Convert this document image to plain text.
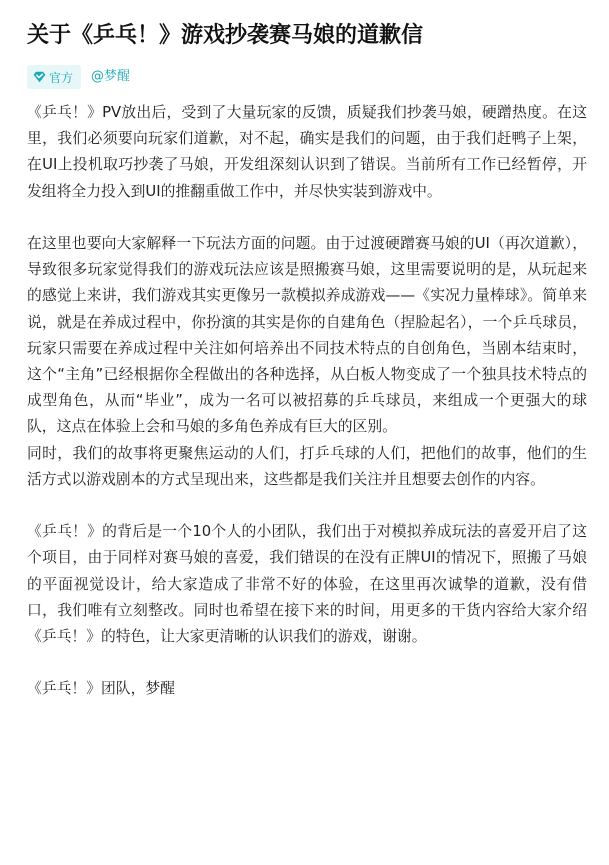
关于《乒乓！》游戏抄袭赛马娘的道歉信
官方 @梦醒

《乒乓！》PV放出后，受到了大量玩家的反馈，质疑我们抄袭马娘，硬蹭热度。在这里，我们必须要向玩家们道歉，对不起，确实是我们的问题，由于我们赶鸭子上架，在UI上投机取巧抄袭了马娘，开发组深刻认识到了错误。当前所有工作已经暂停，开发组将全力投入到UI的推翻重做工作中，并尽快实装到游戏中。

在这里也要向大家解释一下玩法方面的问题。由于过渡硬蹭赛马娘的UI（再次道歉），导致很多玩家觉得我们的游戏玩法应该是照搬赛马娘，这里需要说明的是，从玩起来的感觉上来讲，我们游戏其实更像另一款模拟养成游戏——《实况力量棒球》。简单来说，就是在养成过程中，你扮演的其实是你的自建角色（捏脸起名），一个乒乓球员，玩家只需要在养成过程中关注如何培养出不同技术特点的自创角色，当剧本结束时，这个“主角”已经根据你全程做出的各种选择，从白板人物变成了一个独具技术特点的成型角色，从而“毕业”，成为一名可以被招募的乒乓球员，来组成一个更强大的球队，这点在体验上会和马娘的多角色养成有巨大的区别。

同时，我们的故事将更聚焦运动的人们，打乒乓球的人们，把他们的故事，他们的生活方式以游戏剧本的方式呈现出来，这些都是我们关注并且想要去创作的内容。

《乒乓！》的背后是一个10个人的小团队，我们出于对模拟养成玩法的喜爱开启了这个项目，由于同样对赛马娘的喜爱，我们错误的在没有正牌UI的情况下，照搬了马娘的平面视觉设计，给大家造成了非常不好的体验，在这里再次诚挚的道歉，没有借口，我们唯有立刻整改。同时也希望在接下来的时间，用更多的干货内容给大家介绍《乒乓！》的特色，让大家更清晰的认识我们的游戏，谢谢。

《乒乓！》团队，梦醒
